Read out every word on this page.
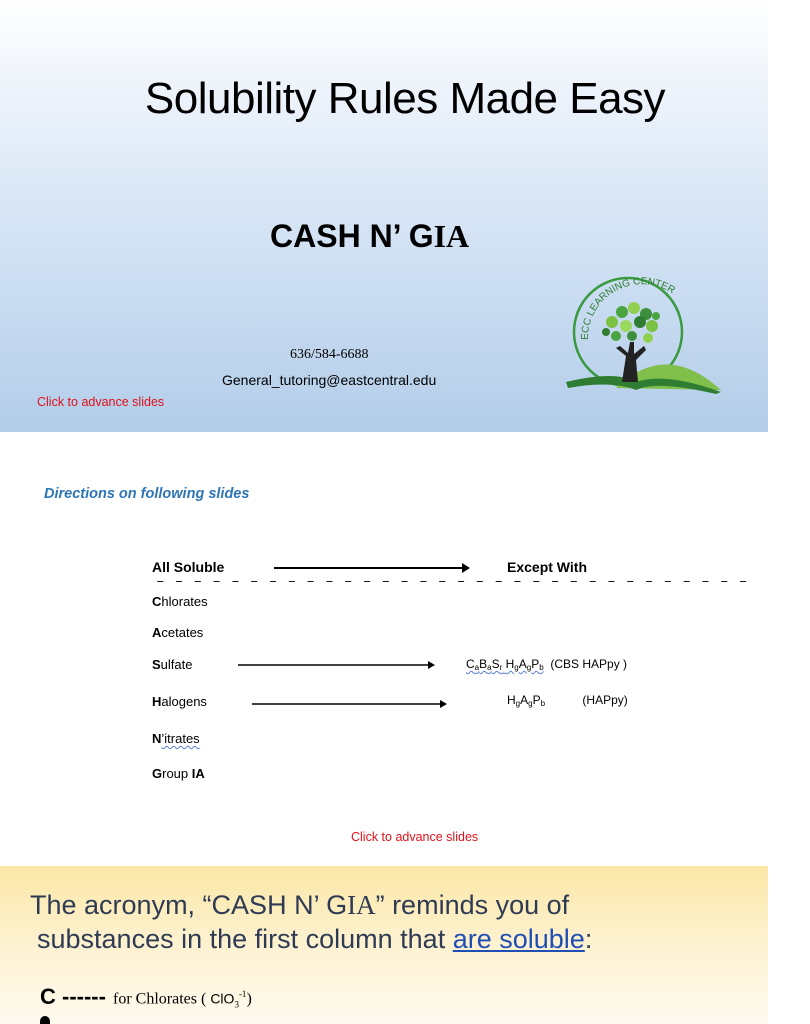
Solubility Rules Made Easy
CASH N’ GIA
636/584-6688
General_tutoring@eastcentral.edu
Click to advance slides
ECC LEARNING CENTER
Directions on following slides
All Soluble	Except With
– – – – – – – – – – – – – – – – – – – – – – – – – – – – – – – –
Chlorates
Acetates
Sulfate
Halogens
N’itrates
Group IA
CaBaSr HgAgPb (CBS HAPpy )
HgAgPb	(HAPpy)
Click to advance slides
The acronym, “CASH N’ GIA” reminds you of
substances in the first column that are soluble:
C ------ for Chlorates ( ClO$_3^{-1}$)
